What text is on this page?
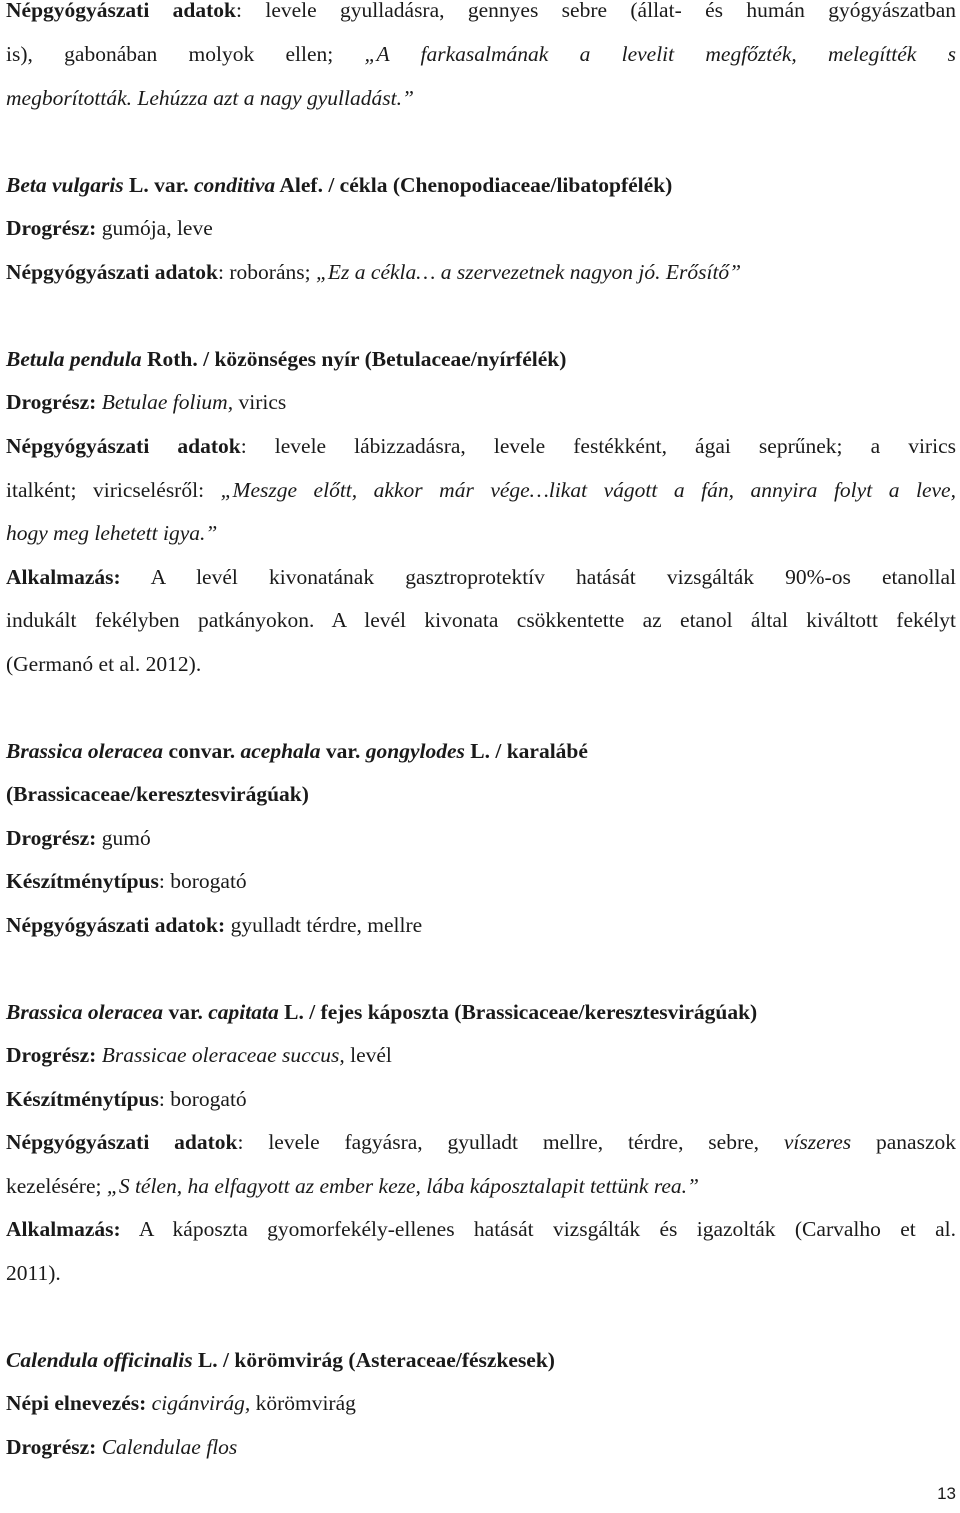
Népgyógyászati adatok: levele gyulladásra, gennyes sebre (állat- és humán gyógyászatban
is), gabonában molyok ellen; „A farkasalmának a levelit megfőzték, melegítték s
megborították. Lehúzza azt a nagy gyulladást.”
Beta vulgaris L. var. conditiva Alef. / cékla (Chenopodiaceae/libatopfélék)
Drogrész: gumója, leve
Népgyógyászati adatok: roboráns; „Ez a cékla… a szervezetnek nagyon jó. Erősítő”
Betula pendula Roth. / közönséges nyír (Betulaceae/nyírfélék)
Drogrész: Betulae folium, virics
Népgyógyászati adatok: levele lábizzadásra, levele festékként, ágai seprűnek; a virics
italként; viricselésről: „Meszge előtt, akkor már vége…likat vágott a fán, annyira folyt a leve,
hogy meg lehetett igya.”
Alkalmazás: A levél kivonatának gasztroprotektív hatását vizsgálták 90%-os etanollal
indukált fekélyben patkányokon. A levél kivonata csökkentette az etanol által kiváltott fekélyt
(Germanó et al. 2012).
Brassica oleracea convar. acephala var. gongylodes L. / karalábé
(Brassicaceae/keresztesvirágúak)
Drogrész: gumó
Készítménytípus: borogató
Népgyógyászati adatok: gyulladt térdre, mellre
Brassica oleracea var. capitata L. / fejes káposzta (Brassicaceae/keresztesvirágúak)
Drogrész: Brassicae oleraceae succus, levél
Készítménytípus: borogató
Népgyógyászati adatok: levele fagyásra, gyulladt mellre, térdre, sebre, víszeres panaszok
kezelésére; „S télen, ha elfagyott az ember keze, lába káposztalapit tettünk rea.”
Alkalmazás: A káposzta gyomorfekély-ellenes hatását vizsgálták és igazolták (Carvalho et al.
2011).
Calendula officinalis L. / körömvirág (Asteraceae/fészkesek)
Népi elnevezés: cigánvirág, körömvirág
Drogrész: Calendulae flos
13
